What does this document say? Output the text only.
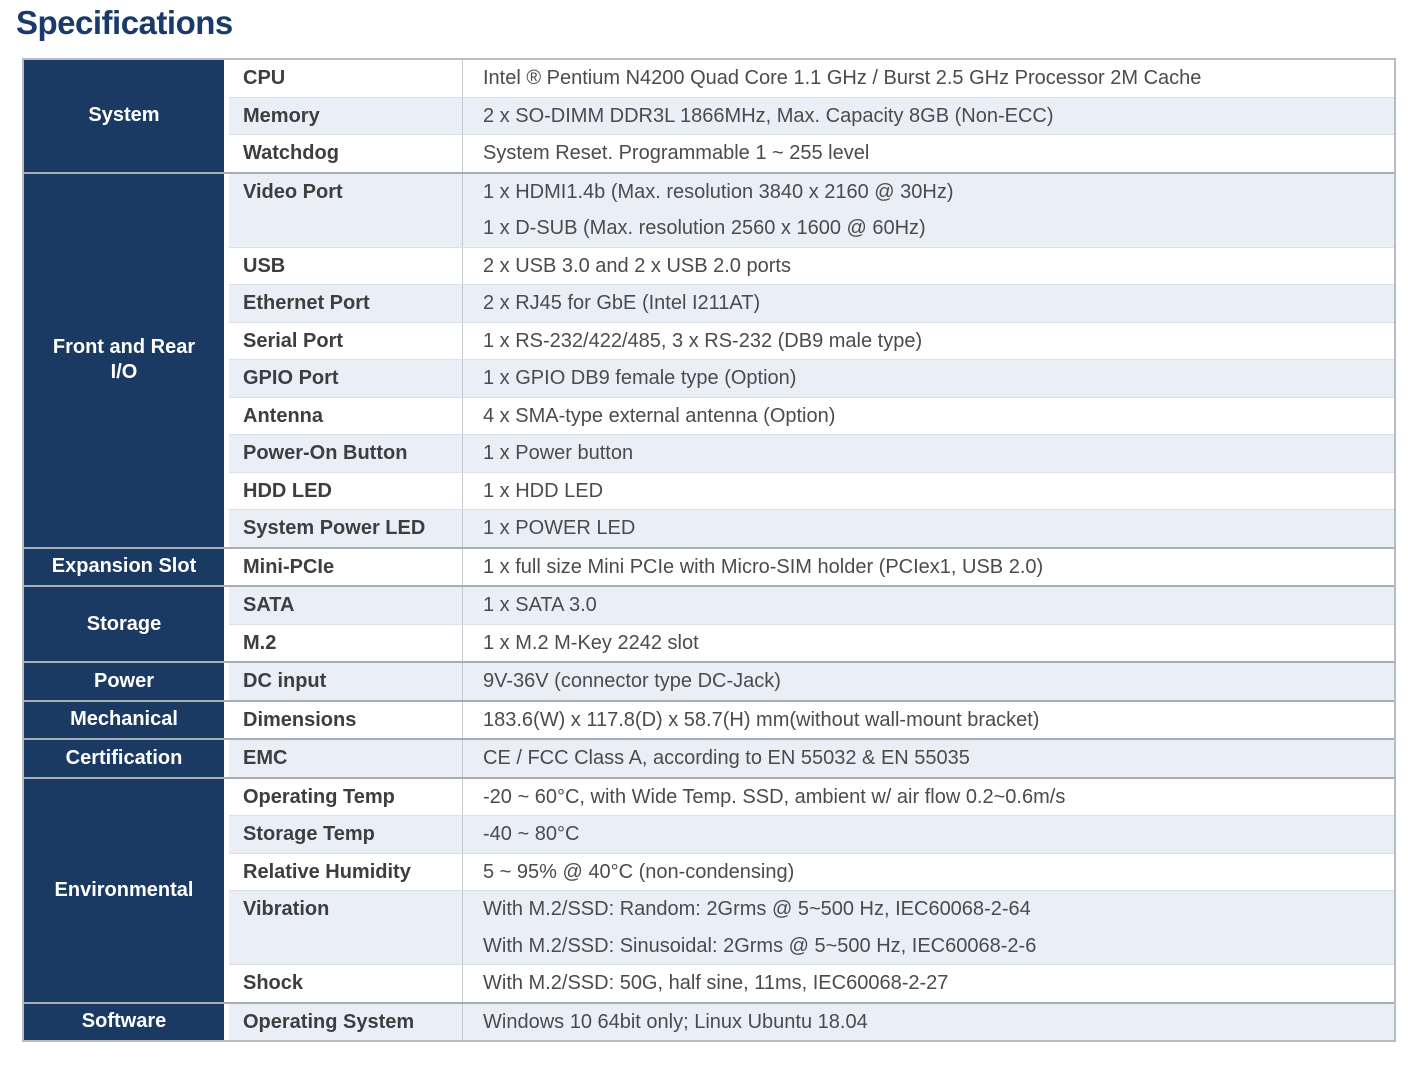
Specifications
System
CPU	Intel ® Pentium N4200 Quad Core 1.1 GHz / Burst 2.5 GHz Processor 2M Cache
Memory	2 x SO-DIMM DDR3L 1866MHz, Max. Capacity 8GB (Non-ECC)
Watchdog	System Reset. Programmable 1 ~ 255 level
Front and Rear I/O
Video Port	1 x HDMI1.4b (Max. resolution 3840 x 2160 @ 30Hz)
1 x D-SUB (Max. resolution 2560 x 1600 @ 60Hz)
USB	2 x USB 3.0 and 2 x USB 2.0 ports
Ethernet Port	2 x RJ45 for GbE (Intel I211AT)
Serial Port	1 x RS-232/422/485, 3 x RS-232 (DB9 male type)
GPIO Port	1 x GPIO DB9 female type (Option)
Antenna	4 x SMA-type external antenna (Option)
Power-On Button	1 x Power button
HDD LED	1 x HDD LED
System Power LED	1 x POWER LED
Expansion Slot	Mini-PCIe	1 x full size Mini PCIe with Micro-SIM holder (PCIex1, USB 2.0)
Storage
SATA	1 x SATA 3.0
M.2	1 x M.2 M-Key 2242 slot
Power	DC input	9V-36V (connector type DC-Jack)
Mechanical	Dimensions	183.6(W) x 117.8(D) x 58.7(H) mm(without wall-mount bracket)
Certification	EMC	CE / FCC Class A, according to EN 55032 & EN 55035
Environmental
Operating Temp	-20 ~ 60°C, with Wide Temp. SSD, ambient w/ air flow 0.2~0.6m/s
Storage Temp	-40 ~ 80°C
Relative Humidity	5 ~ 95% @ 40°C (non-condensing)
Vibration	With M.2/SSD: Random: 2Grms @ 5~500 Hz, IEC60068-2-64
With M.2/SSD: Sinusoidal: 2Grms @ 5~500 Hz, IEC60068-2-6
Shock	With M.2/SSD: 50G, half sine, 11ms, IEC60068-2-27
Software	Operating System	Windows 10 64bit only; Linux Ubuntu 18.04
